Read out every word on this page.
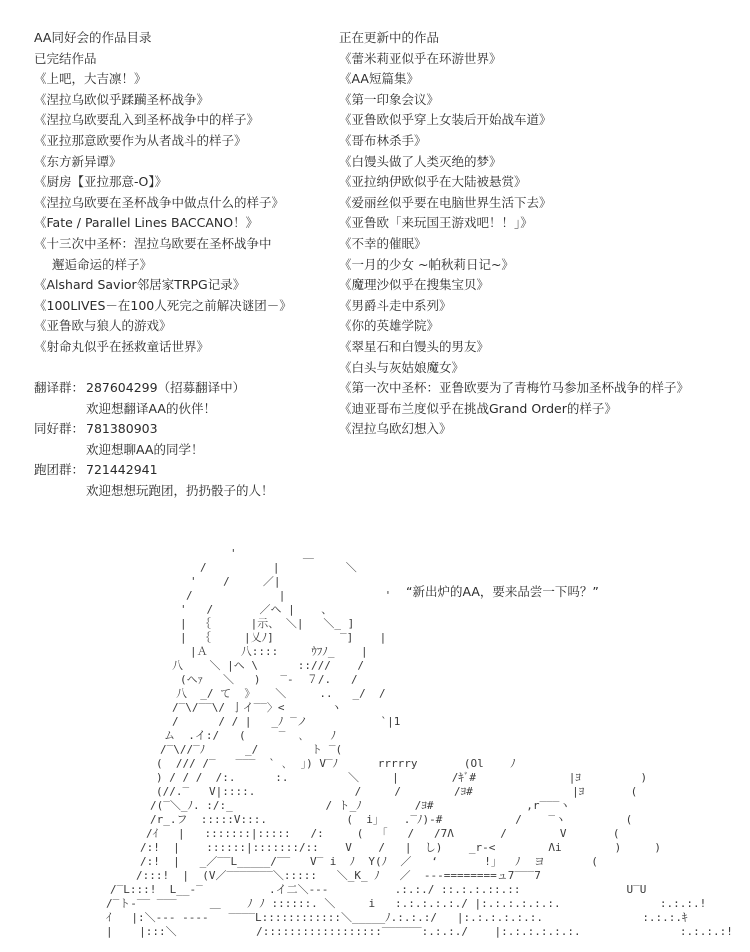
AA同好会的作品目录
已完结作品
《上吧，大吉凛！》
《涅拉乌欧似乎蹂躏圣杯战争》
《涅拉乌欧要乱入到圣杯战争中的样子》
《亚拉那意欧要作为从者战斗的样子》
《东方新异谭》
《厨房【亚拉那意-O】》
《涅拉乌欧要在圣杯战争中做点什么的样子》
《Fate / Parallel Lines BACCANO！》
《十三次中圣杯：涅拉乌欧要在圣杯战争中
邂逅命运的样子》
《Alshard Savior邻居家TRPG记录》
《100LIVES－在100人死完之前解决谜团－》
《亚鲁欧与狼人的游戏》
《射命丸似乎在拯救童话世界》
翻译群： 287604299（招募翻译中）
欢迎想翻译AA的伙伴！
同好群： 781380903
欢迎想聊AA的同学！
跑团群： 721442941
欢迎想想玩跑团，扔扔骰子的人！
正在更新中的作品
《蕾米莉亚似乎在环游世界》
《AA短篇集》
《第一印象会议》
《亚鲁欧似乎穿上女装后开始战车道》
《哥布林杀手》
《白馒头做了人类灭绝的梦》
《亚拉纳伊欧似乎在大陆被悬赏》
《爱丽丝似乎要在电脑世界生活下去》
《亚鲁欧「来玩国王游戏吧！！」》
《不幸的催眠》
《一月的少女 ~帕秋莉日记~》
《魔理沙似乎在搜集宝贝》
《男爵斗走中系列》
《你的英雄学院》
《翠星石和白馒头的男友》
《白头与灰姑娘魔女》
《第一次中圣杯：亚鲁欧要为了青梅竹马参加圣杯战争的样子》
《迪亚哥布兰度似乎在挑战Grand Order的样子》
《涅拉乌欧幻想入》
“新出炉的AA，要来品尝一下吗？”
'          ＿
/          |          ＼
'    /     ／|
/             |               '
'   /       ／ヘ |    、
|  ｛      |示、 ＼|   ＼_ ]
|  ｛     |乂ﾉ]          ‾]    |
|Ａ     八::::     ｳﾌﾉ_    |
八    ＼ |ヘ \      ::///    /
(ヘｧ   ＼   )   ‾‐  ７/.   /
八  _/ て  》   ＼     ..   _/  /
/‾\/‾‾\/ 亅イ‾‾〉<       ヽ
/      / / |   _ﾉ ‾ノ           `|1
ム  .イ:/   (     ‾  ､    ﾉ
/‾\//‾ﾉ      _/        ト ‾(
(  /// /‾   ‾‾‾  ` ､  ｣) V‾ﾉ      rrrrry       (Ol    ﾉ
) / / /  /:.      :.         ＼     |        /ｷﾞ#              |ﾖ         )
(//.‾   V|::::.               /     /        /ﾖ#               |ﾖ       (
/(‾＼_ﾉ. :/:_              / ト_ﾉ        /ﾖ#              ,r‾‾‾ヽ
/r_.フ  :::::V:::.            (  i」   .‾ﾉ)‐#           /    ‾ヽ         (
/ｲ   |   :::::::|:::::   /:     (  「   /   /7Λ       /        V       (
/:!  |    ::::::|:::::::/::    V    /   |  し)    _r‐<        Λi        )     )
/:!  |   _／‾‾L_____/‾‾   V‾ i  ﾉ  Y(ﾉ  ／   ‘       !」  ﾉ  ヨ       (
/:::!  |  (V／‾‾‾‾‾‾‾＼:::::   ＼_K_ ﾉ   ／  ‐‐‐========ュ7‾‾‾7
/‾L:::!  L__‐‾          .イ二＼‐‐‐          .:.:./ ::.:.:.::.::                U‾U
/‾ト‐‾‾ ‾‾‾     ＿    ﾉ ﾉ ::::::. ＼     i   :.:.:.:.:./ |:.:.:.:.:.:.               :.:.:.!
ｲ   |:＼‐‐‐ ‐‐‐‐   ‾‾‾‾L::::::::::::＼_____ﾉ.:.:.:/   |:.:.:.:.:.:.               :.:.:.ｷ
|    |:::＼            /::::::::::::::::::‾‾‾‾‾‾:.:.:./    |:.:.:.:.:.:.               :.:.:.:!
